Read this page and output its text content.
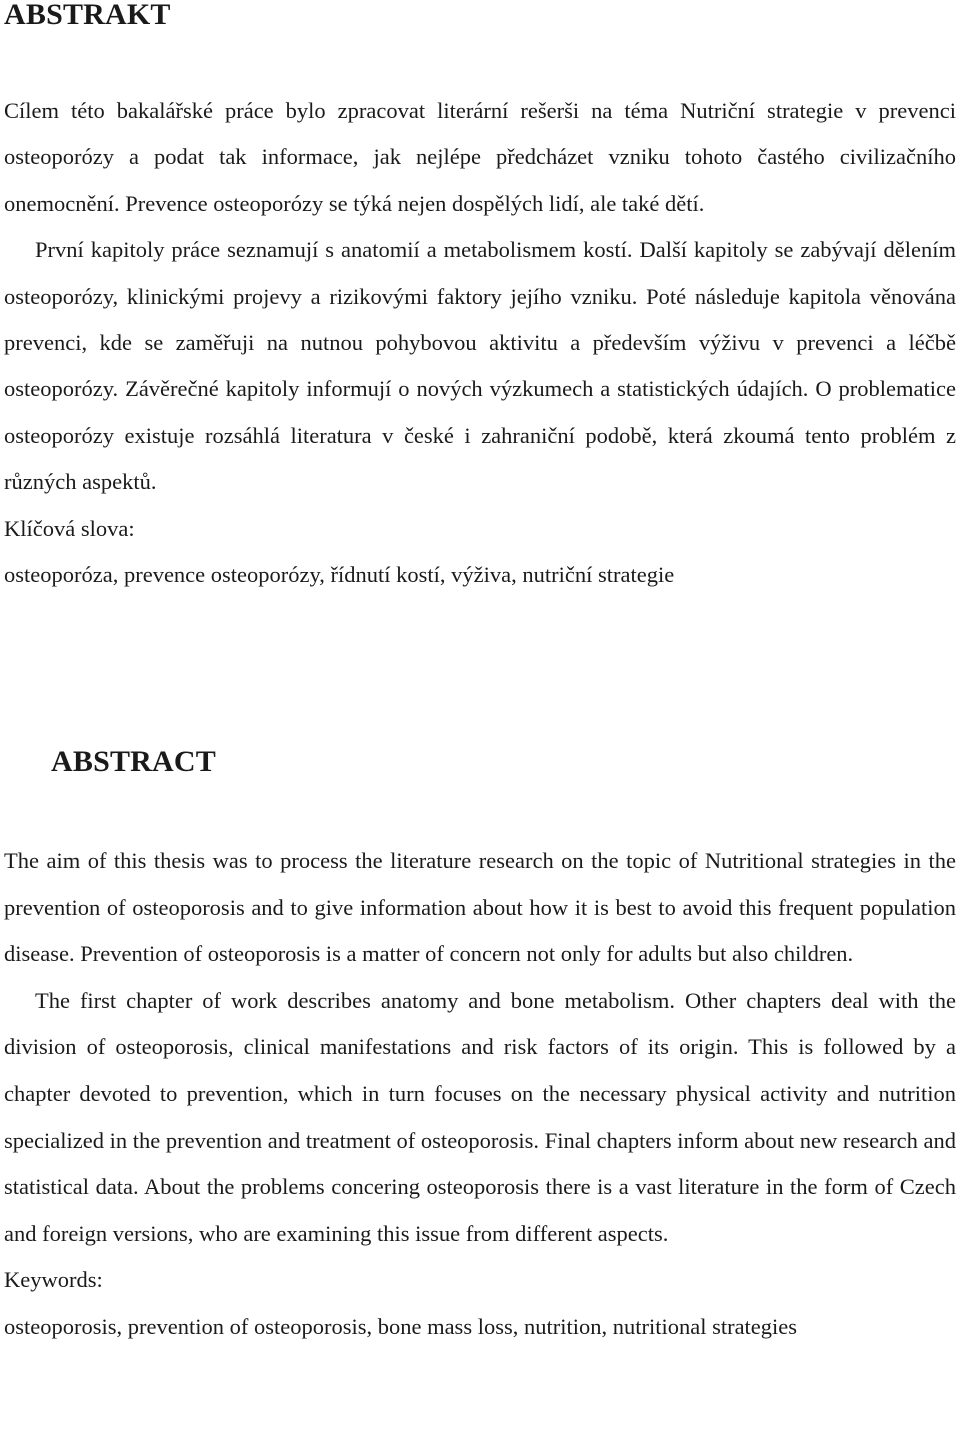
ABSTRAKT

Cílem této bakalářské práce bylo zpracovat literární rešerši na téma Nutriční strategie v prevenci osteoporózy a podat tak informace, jak nejlépe předcházet vzniku tohoto častého civilizačního onemocnění. Prevence osteoporózy se týká nejen dospělých lidí, ale také dětí.

První kapitoly práce seznamují s anatomií a metabolismem kostí. Další kapitoly se zabývají dělením osteoporózy, klinickými projevy a rizikovými faktory jejího vzniku. Poté následuje kapitola věnována prevenci, kde se zaměřuji na nutnou pohybovou aktivitu a především výživu v prevenci a léčbě osteoporózy. Závěrečné kapitoly informují o nových výzkumech a statistických údajích. O problematice osteoporózy existuje rozsáhlá literatura v české i zahraniční podobě, která zkoumá tento problém z různých aspektů.

Klíčová slova:

osteoporóza, prevence osteoporózy, řídnutí kostí, výživa, nutriční strategie

ABSTRACT

The aim of this thesis was to process the literature research on the topic of Nutritional strategies in the prevention of osteoporosis and to give information about how it is best to avoid this frequent population disease. Prevention of osteoporosis is a matter of concern not only for adults but also children.

The first chapter of work describes anatomy and bone metabolism. Other chapters deal with the division of osteoporosis, clinical manifestations and risk factors of its origin. This is followed by a chapter devoted to prevention, which in turn focuses on the necessary physical activity and nutrition specialized in the prevention and treatment of osteoporosis. Final chapters inform about new research and statistical data. About the problems concering osteoporosis there is a vast literature in the form of Czech and foreign versions, who are examining this issue from different aspects.

Keywords:

osteoporosis, prevention of osteoporosis, bone mass loss, nutrition, nutritional strategies
